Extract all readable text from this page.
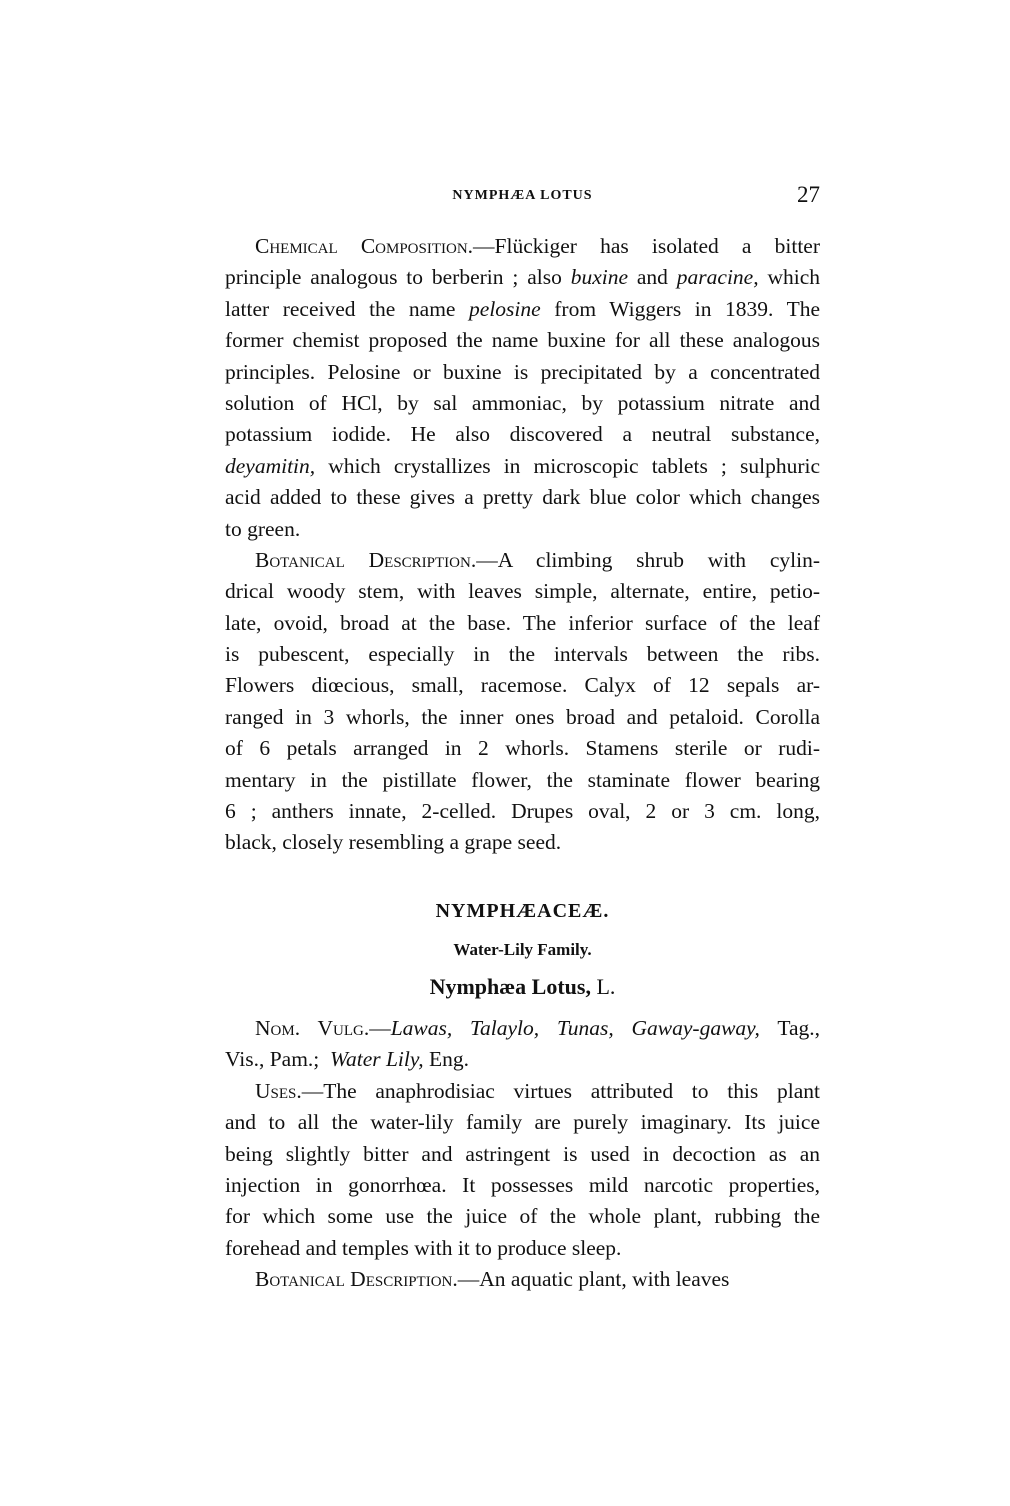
NYMPHÆA LOTUS	27
Chemical Composition.—Flückiger has isolated a bitter
principle analogous to berberin ; also buxine and paracine, which
latter received the name pelosine from Wiggers in 1839. The
former chemist proposed the name buxine for all these analogous
principles. Pelosine or buxine is precipitated by a concentrated
solution of HCl, by sal ammoniac, by potassium nitrate and
potassium iodide. He also discovered a neutral substance,
deyamitin, which crystallizes in microscopic tablets ; sulphuric
acid added to these gives a pretty dark blue color which changes
to green.
Botanical Description.—A climbing shrub with cylin-
drical woody stem, with leaves simple, alternate, entire, petio-
late, ovoid, broad at the base. The inferior surface of the leaf
is pubescent, especially in the intervals between the ribs.
Flowers diœcious, small, racemose. Calyx of 12 sepals ar-
ranged in 3 whorls, the inner ones broad and petaloid. Corolla
of 6 petals arranged in 2 whorls. Stamens sterile or rudi-
mentary in the pistillate flower, the staminate flower bearing
6 ; anthers innate, 2-celled. Drupes oval, 2 or 3 cm. long,
black, closely resembling a grape seed.
NYMPHÆACEÆ.
Water-Lily Family.
Nymphæa Lotus, L.
Nom. Vulg.—Lawas, Talaylo, Tunas, Gaway-gaway, Tag.,
Vis., Pam.;  Water Lily, Eng.
Uses.—The anaphrodisiac virtues attributed to this plant
and to all the water-lily family are purely imaginary. Its juice
being slightly bitter and astringent is used in decoction as an
injection in gonorrhœa. It possesses mild narcotic properties,
for which some use the juice of the whole plant, rubbing the
forehead and temples with it to produce sleep.
Botanical Description.—An aquatic plant, with leaves
